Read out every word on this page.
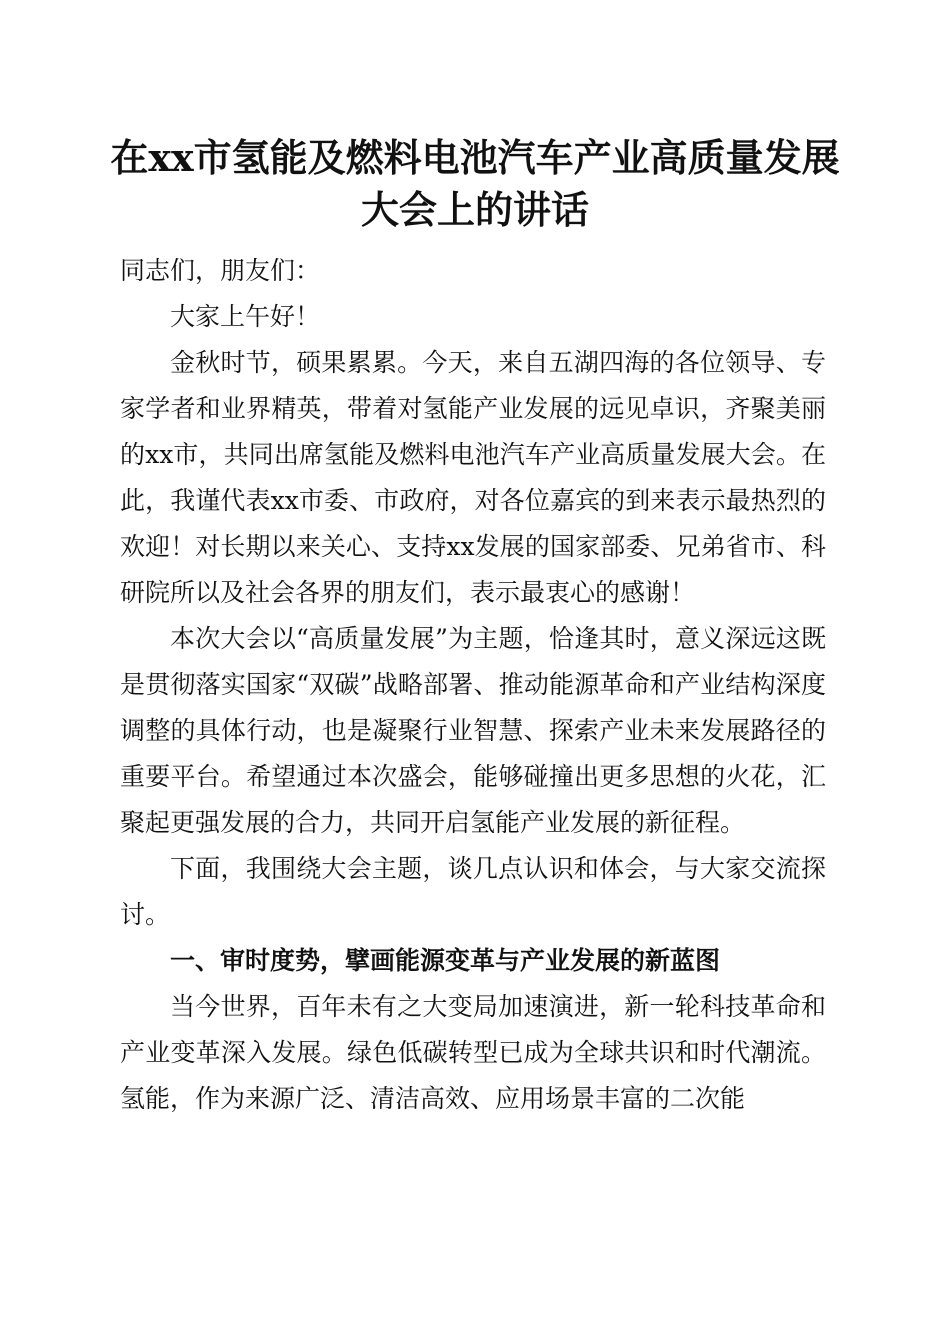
在xx市氢能及燃料电池汽车产业高质量发展
大会上的讲话

同志们，朋友们：

大家上午好！

金秋时节，硕果累累。今天，来自五湖四海的各位领导、专家学者和业界精英，带着对氢能产业发展的远见卓识，齐聚美丽的xx市，共同出席氢能及燃料电池汽车产业高质量发展大会。在此，我谨代表xx市委、市政府，对各位嘉宾的到来表示最热烈的欢迎！对长期以来关心、支持xx发展的国家部委、兄弟省市、科研院所以及社会各界的朋友们，表示最衷心的感谢！

本次大会以“高质量发展”为主题，恰逢其时，意义深远这既是贯彻落实国家“双碳”战略部署、推动能源革命和产业结构深度调整的具体行动，也是凝聚行业智慧、探索产业未来发展路径的重要平台。希望通过本次盛会，能够碰撞出更多思想的火花，汇聚起更强发展的合力，共同开启氢能产业发展的新征程。

下面，我围绕大会主题，谈几点认识和体会，与大家交流探讨。

一、审时度势，擘画能源变革与产业发展的新蓝图

当今世界，百年未有之大变局加速演进，新一轮科技革命和产业变革深入发展。绿色低碳转型已成为全球共识和时代潮流。氢能，作为来源广泛、清洁高效、应用场景丰富的二次能
